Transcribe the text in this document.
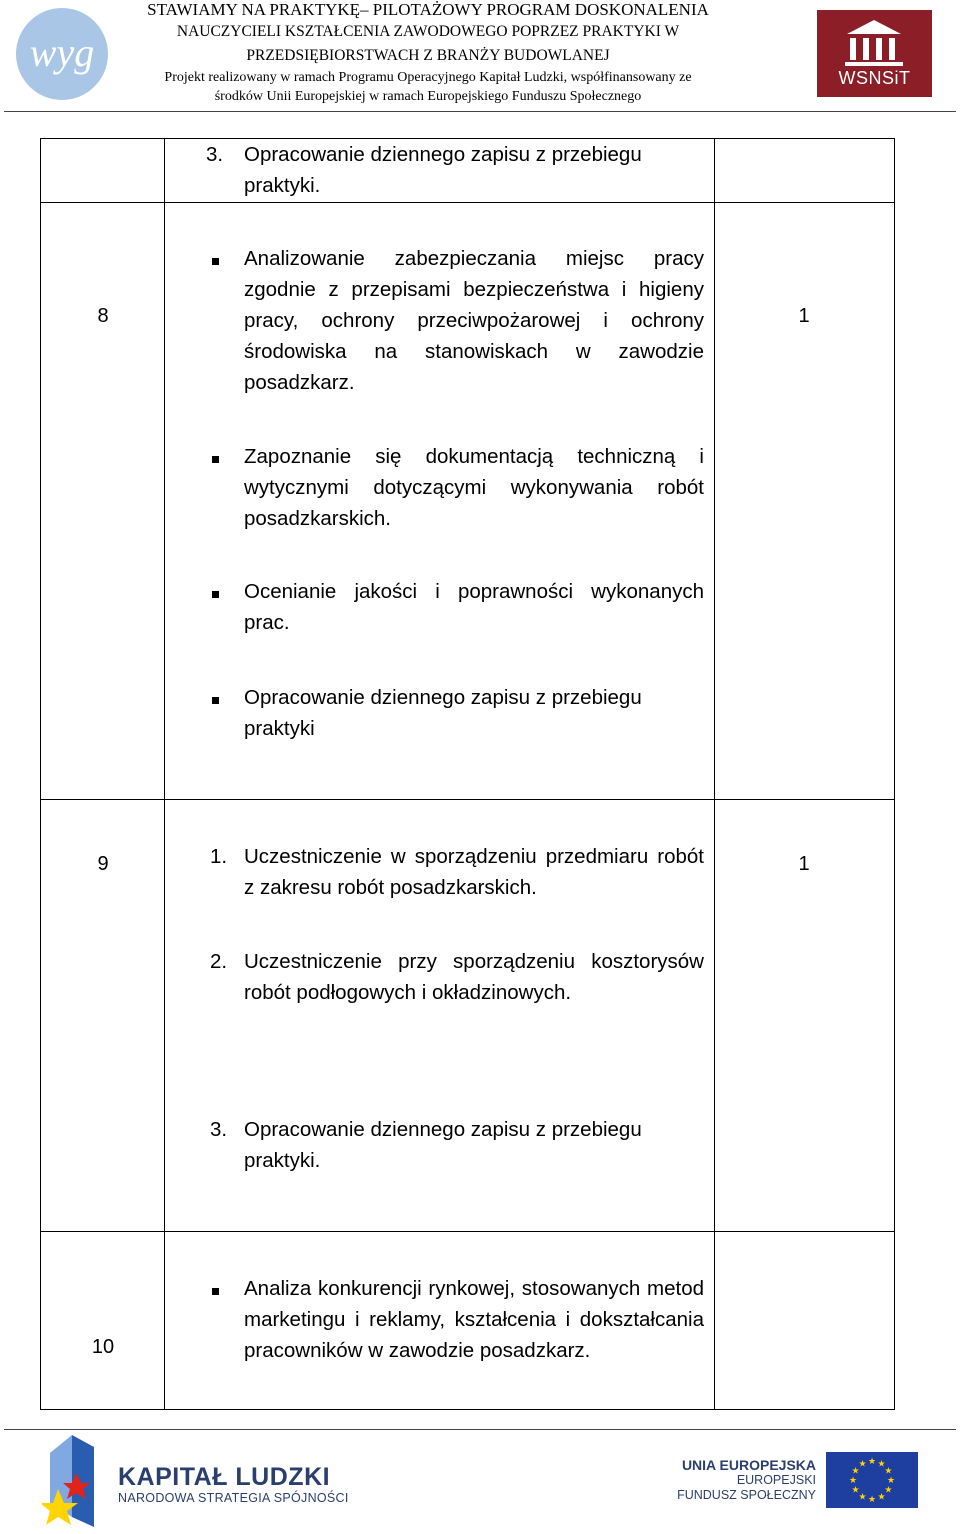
wyg
STAWIAMY NA PRAKTYKĘ– PILOTAŻOWY PROGRAM DOSKONALENIA
NAUCZYCIELI KSZTAŁCENIA ZAWODOWEGO POPRZEZ PRAKTYKI W
PRZEDSIĘBIORSTWACH Z BRANŻY BUDOWLANEJ
Projekt realizowany w ramach Programu Operacyjnego Kapitał Ludzki, współfinansowany ze
środków Unii Europejskiej w ramach Europejskiego Funduszu Społecznego
WSNSiT
3. Opracowanie dziennego zapisu z przebiegu praktyki.
8	1
Analizowanie zabezpieczania miejsc pracy zgodnie z przepisami bezpieczeństwa i higieny pracy, ochrony przeciwpożarowej i ochrony środowiska na stanowiskach w zawodzie posadzkarz.
Zapoznanie się dokumentacją techniczną i wytycznymi dotyczącymi wykonywania robót posadzkarskich.
Ocenianie jakości i poprawności wykonanych prac.
Opracowanie dziennego zapisu z przebiegu praktyki
9	1
1. Uczestniczenie w sporządzeniu przedmiaru robót z zakresu robót posadzkarskich.
2. Uczestniczenie przy sporządzeniu kosztorysów robót podłogowych i okładzinowych.
3. Opracowanie dziennego zapisu z przebiegu praktyki.
10
Analiza konkurencji rynkowej, stosowanych metod marketingu i reklamy, kształcenia i dokształcania pracowników w zawodzie posadzkarz.
KAPITAŁ LUDZKI
NARODOWA STRATEGIA SPÓJNOŚCI
UNIA EUROPEJSKA
EUROPEJSKI
FUNDUSZ SPOŁECZNY
★
★
★
★
★
★
★
★
★ ★ ★
★
